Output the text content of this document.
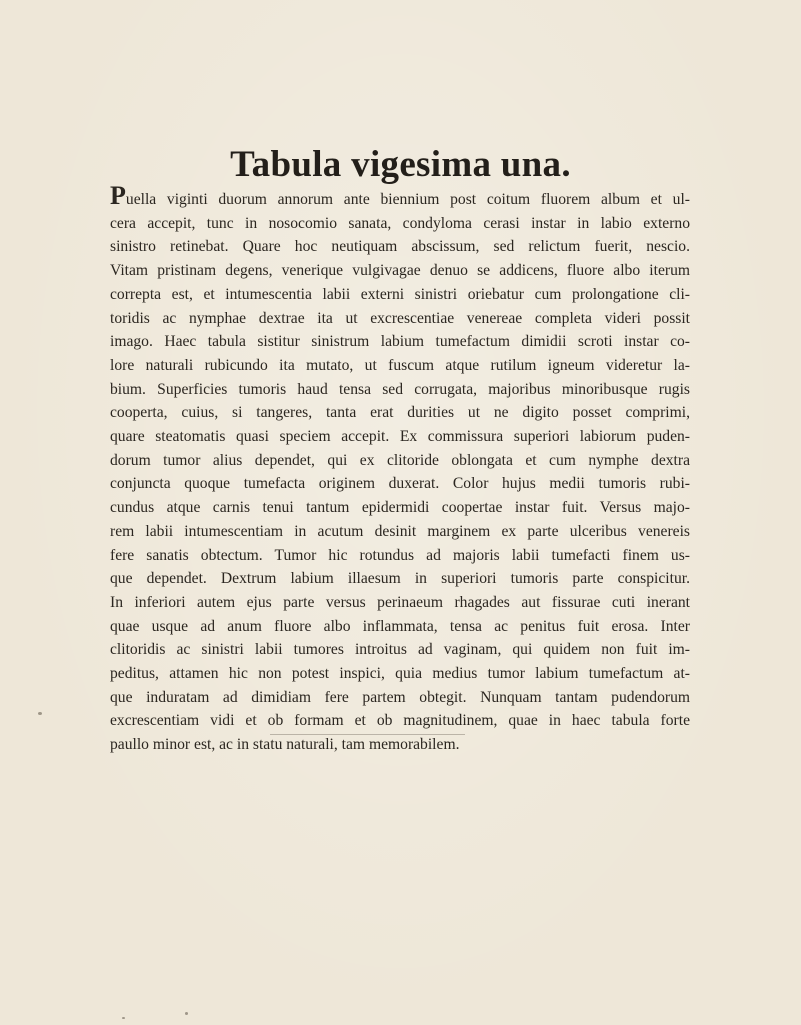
Tabula vigesima una.
Puella viginti duorum annorum ante biennium post coitum fluorem album et ul-
cera accepit, tunc in nosocomio sanata, condyloma cerasi instar in labio externo
sinistro retinebat. Quare hoc neutiquam abscissum, sed relictum fuerit, nescio.
Vitam pristinam degens, venerique vulgivagae denuo se addicens, fluore albo iterum
correpta est, et intumescentia labii externi sinistri oriebatur cum prolongatione cli-
toridis ac nymphae dextrae ita ut excrescentiae venereae completa videri possit
imago. Haec tabula sistitur sinistrum labium tumefactum dimidii scroti instar co-
lore naturali rubicundo ita mutato, ut fuscum atque rutilum igneum videretur la-
bium. Superficies tumoris haud tensa sed corrugata, majoribus minoribusque rugis
cooperta, cuius, si tangeres, tanta erat durities ut ne digito posset comprimi,
quare steatomatis quasi speciem accepit. Ex commissura superiori labiorum puden-
dorum tumor alius dependet, qui ex clitoride oblongata et cum nymphe dextra
conjuncta quoque tumefacta originem duxerat. Color hujus medii tumoris rubi-
cundus atque carnis tenui tantum epidermidi coopertae instar fuit. Versus majo-
rem labii intumescentiam in acutum desinit marginem ex parte ulceribus venereis
fere sanatis obtectum. Tumor hic rotundus ad majoris labii tumefacti finem us-
que dependet. Dextrum labium illaesum in superiori tumoris parte conspicitur.
In inferiori autem ejus parte versus perinaeum rhagades aut fissurae cuti inerant
quae usque ad anum fluore albo inflammata, tensa ac penitus fuit erosa. Inter
clitoridis ac sinistri labii tumores introitus ad vaginam, qui quidem non fuit im-
peditus, attamen hic non potest inspici, quia medius tumor labium tumefactum at-
que induratam ad dimidiam fere partem obtegit. Nunquam tantam pudendorum
excrescentiam vidi et ob formam et ob magnitudinem, quae in haec tabula forte
paullo minor est, ac in statu naturali, tam memorabilem.
